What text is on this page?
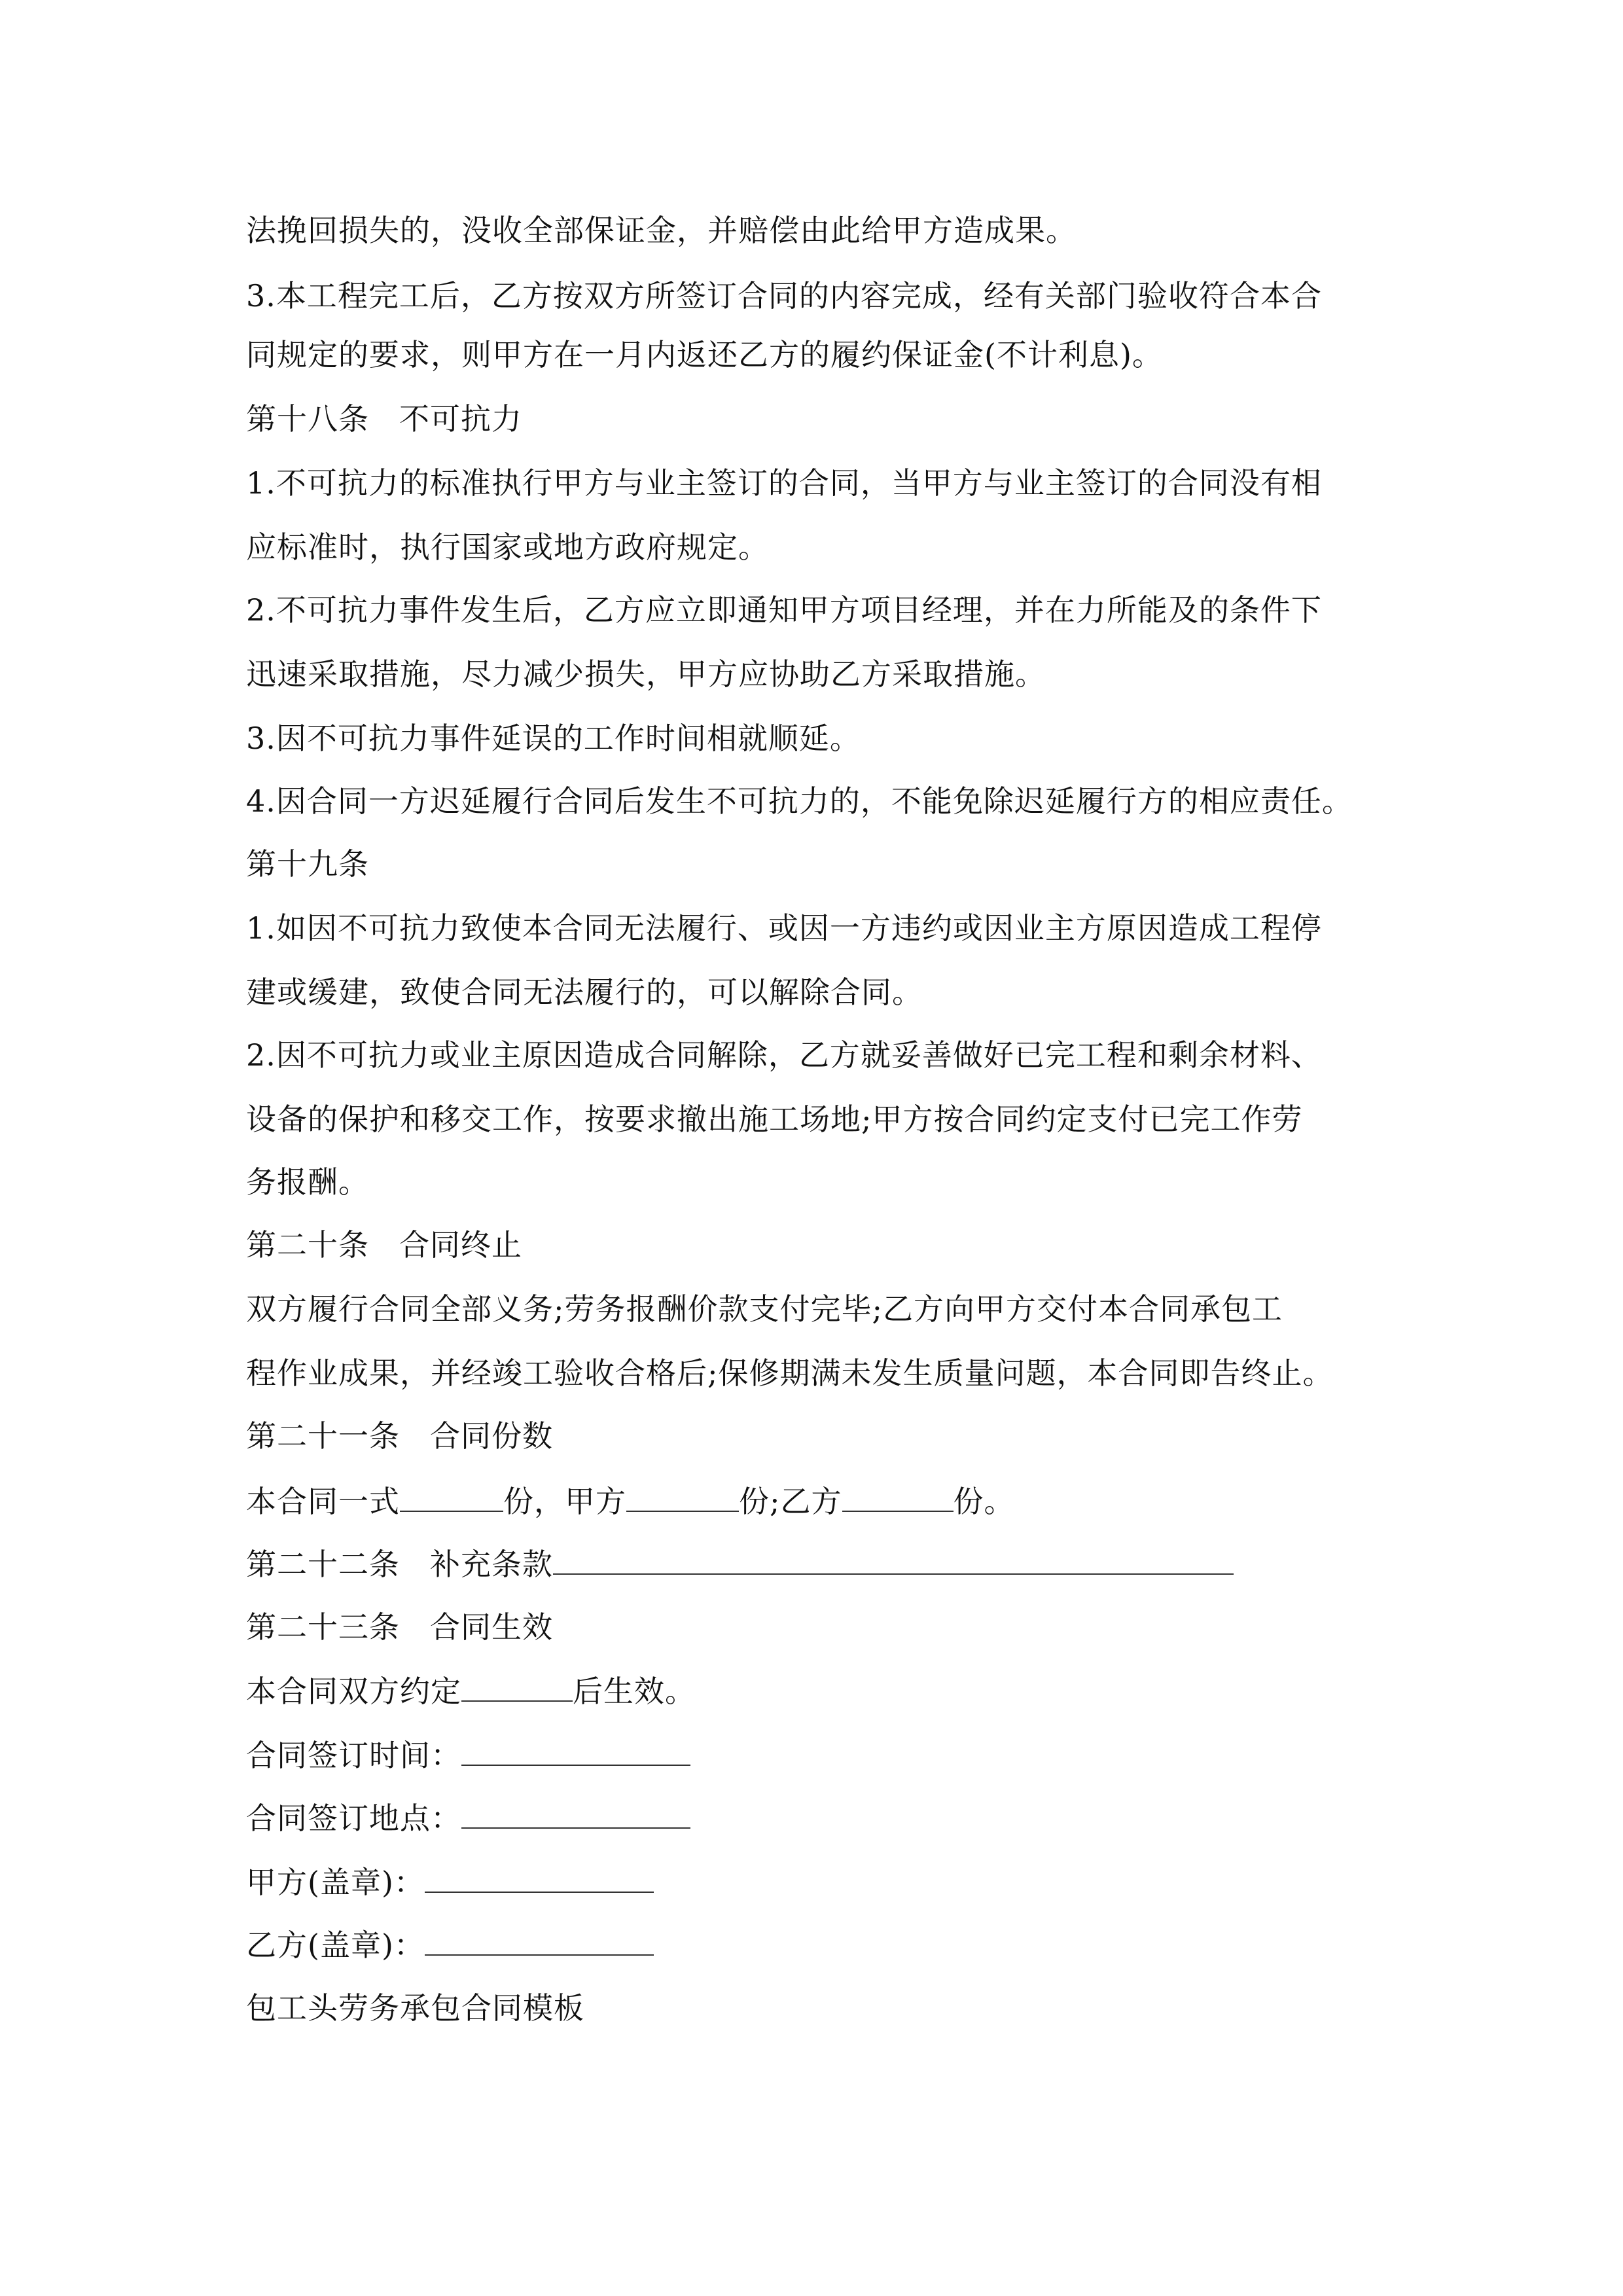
法挽回损失的，没收全部保证金，并赔偿由此给甲方造成果。
3.本工程完工后，乙方按双方所签订合同的内容完成，经有关部门验收符合本合
同规定的要求，则甲方在一月内返还乙方的履约保证金(不计利息)。
第十八条 不可抗力
1.不可抗力的标准执行甲方与业主签订的合同，当甲方与业主签订的合同没有相
应标准时，执行国家或地方政府规定。
2.不可抗力事件发生后，乙方应立即通知甲方项目经理，并在力所能及的条件下
迅速采取措施，尽力减少损失，甲方应协助乙方采取措施。
3.因不可抗力事件延误的工作时间相就顺延。
4.因合同一方迟延履行合同后发生不可抗力的，不能免除迟延履行方的相应责任。
第十九条
1.如因不可抗力致使本合同无法履行、或因一方违约或因业主方原因造成工程停
建或缓建，致使合同无法履行的，可以解除合同。
2.因不可抗力或业主原因造成合同解除，乙方就妥善做好已完工程和剩余材料、
设备的保护和移交工作，按要求撤出施工场地;甲方按合同约定支付已完工作劳
务报酬。
第二十条 合同终止
双方履行合同全部义务;劳务报酬价款支付完毕;乙方向甲方交付本合同承包工
程作业成果，并经竣工验收合格后;保修期满未发生质量问题，本合同即告终止。
第二十一条 合同份数
本合同一式	份，甲方	份;乙方	份。
第二十二条 补充条款
第二十三条 合同生效
本合同双方约定	后生效。
合同签订时间：
合同签订地点：
甲方(盖章)：
乙方(盖章)：
包工头劳务承包合同模板
